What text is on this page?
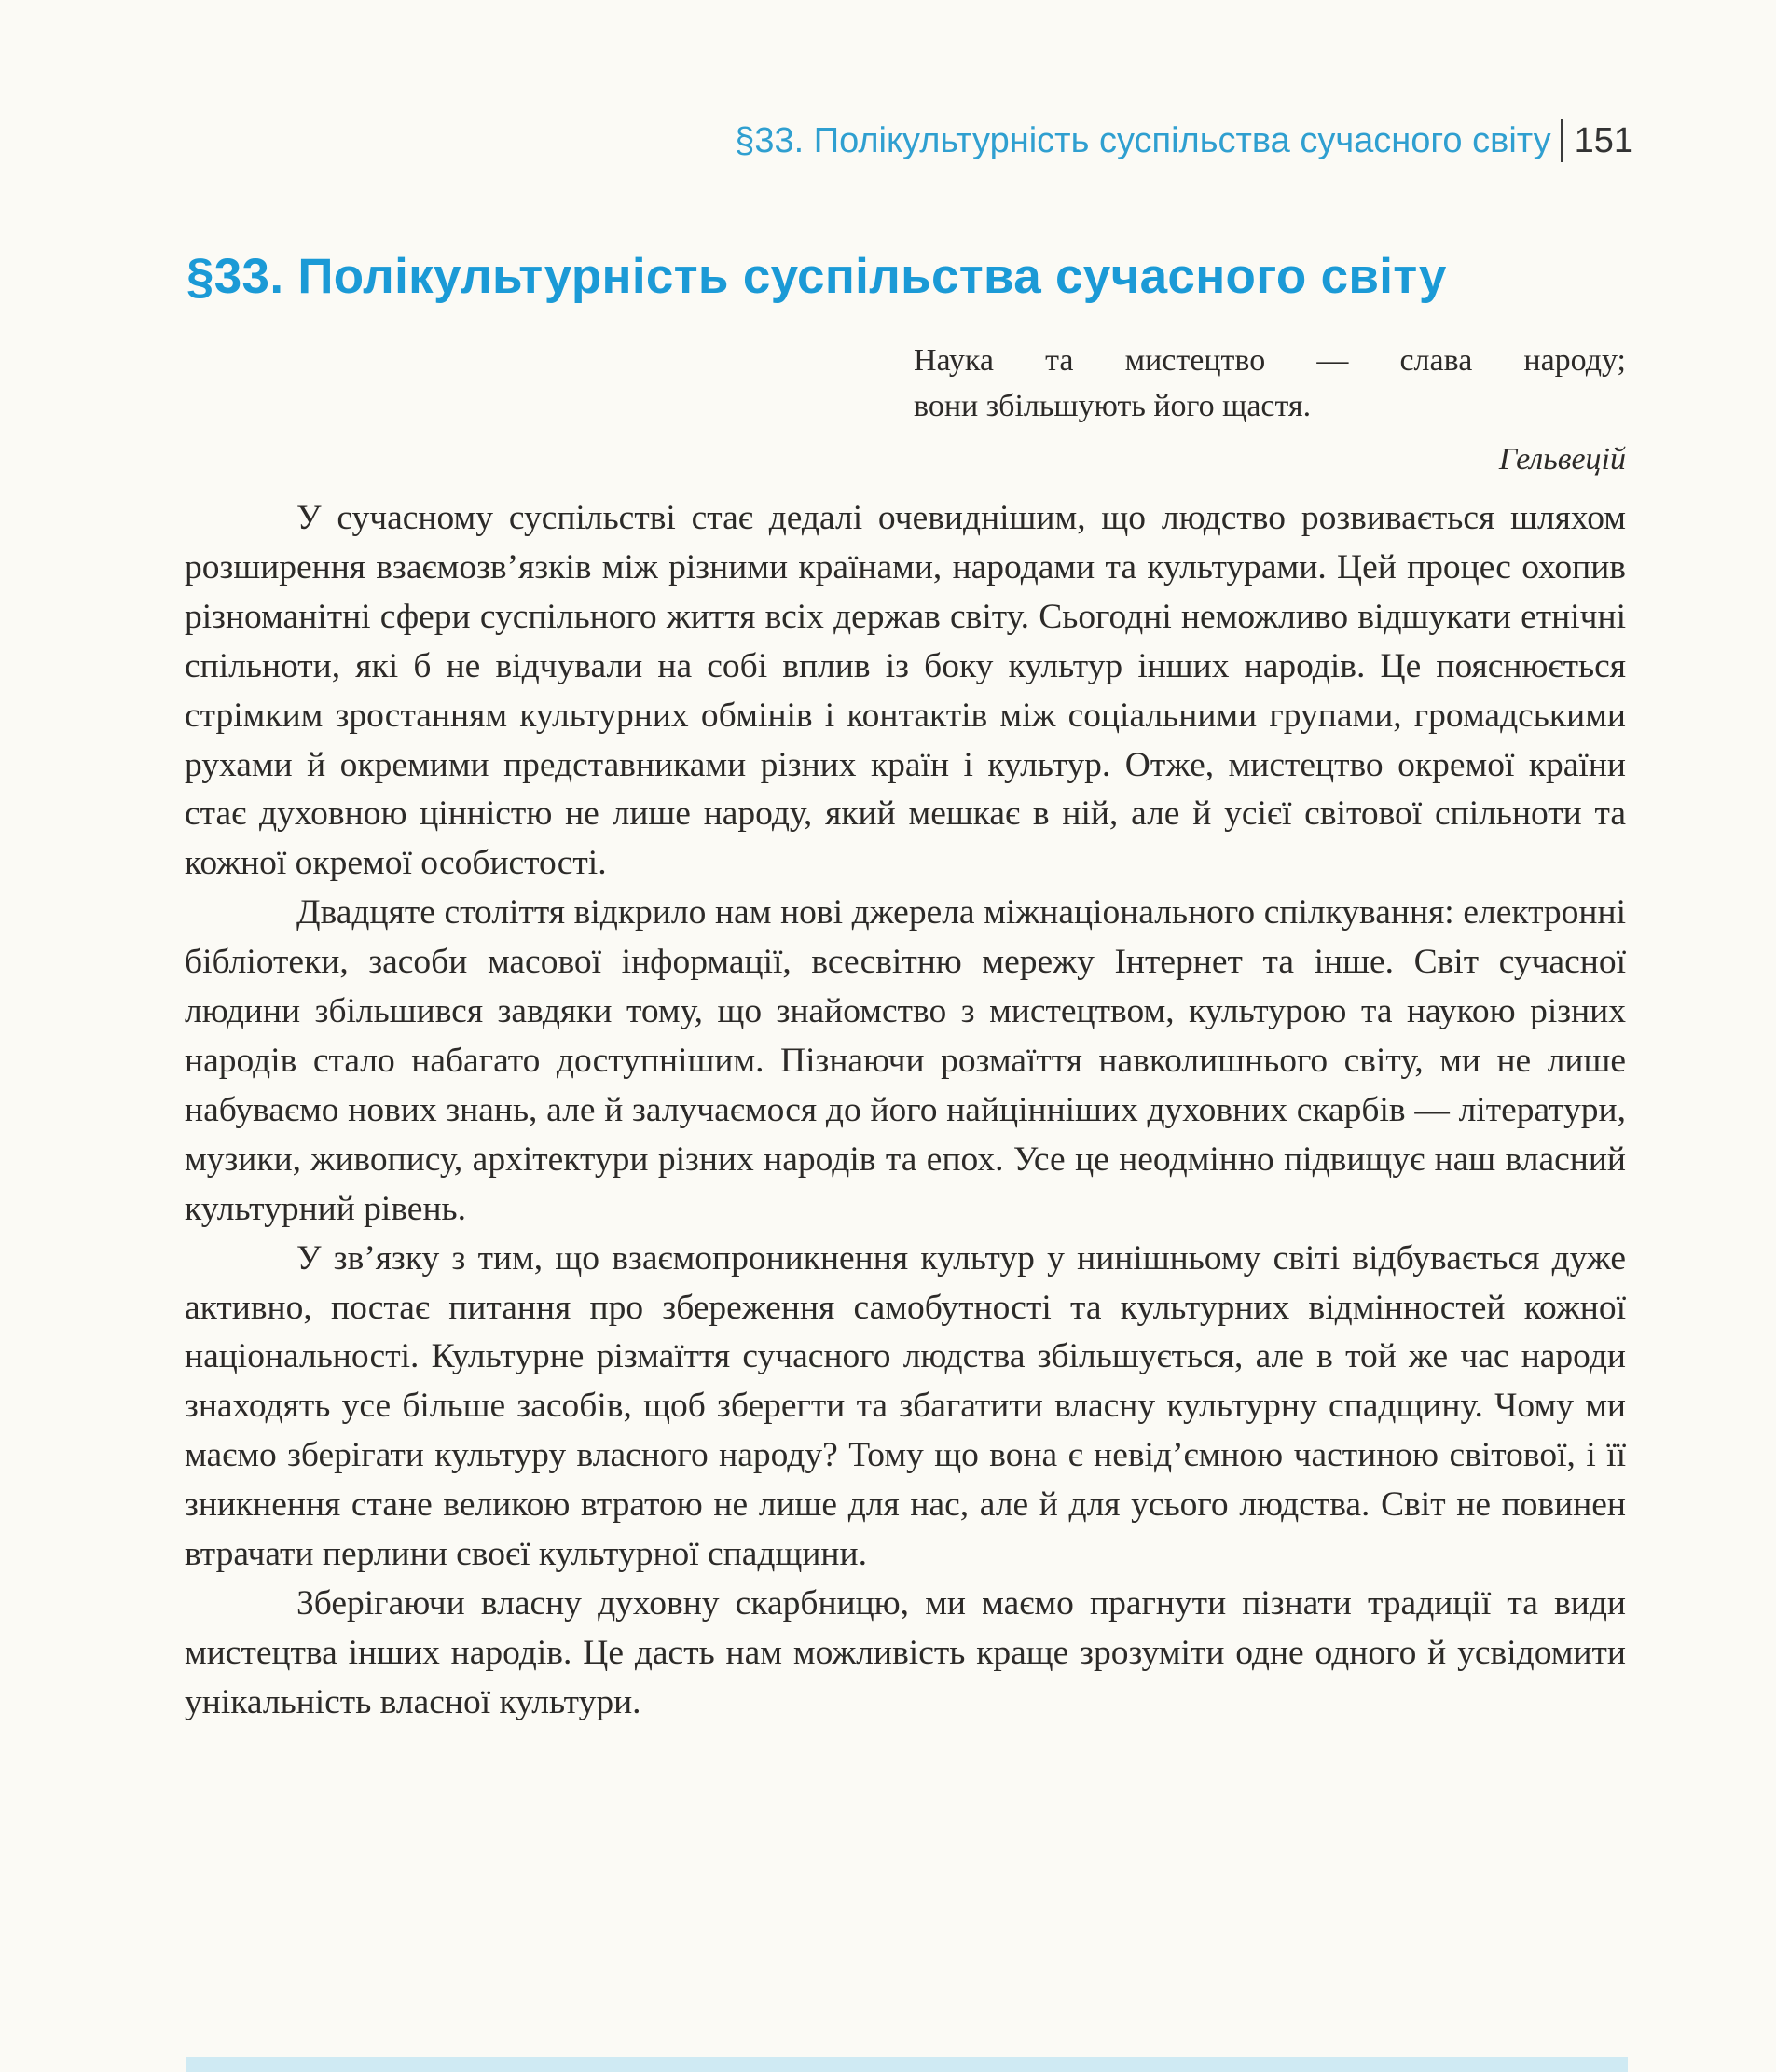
§33. Полікультурність суспільства сучасного світу 151
§33. Полікультурність суспільства сучасного світу

Наука та мистецтво — слава народу;

вони збільшують його щастя.

Гельвецій

У сучасному суспільстві стає дедалі очевиднішим, що людство розвивається шляхом розширення взаємозв’язків між різними країнами, народами та культурами. Цей процес охопив різноманітні сфери суспільного життя всіх держав світу. Сьогодні неможливо відшукати етнічні спільноти, які б не відчували на собі вплив із боку культур інших народів. Це пояснюється стрімким зростанням культурних обмінів і контактів між соціальними групами, громадськими рухами й окремими представниками різних країн і культур. Отже, мистецтво окремої країни стає духовною цінністю не лише народу, який мешкає в ній, але й усієї світової спільноти та кожної окремої особистості.

Двадцяте століття відкрило нам нові джерела міжнаціонального спілкування: електронні бібліотеки, засоби масової інформації, всесвітню мережу Інтернет та інше. Світ сучасної людини збільшився завдяки тому, що знайомство з мистецтвом, культурою та наукою різних народів стало набагато доступнішим. Пізнаючи розмаїття навколишнього світу, ми не лише набуваємо нових знань, але й залучаємося до його найцінніших духовних скарбів — літератури, музики, живопису, архітектури різних народів та епох. Усе це неодмінно підвищує наш власний культурний рівень.

У зв’язку з тим, що взаємопроникнення культур у нинішньому світі відбувається дуже активно, постає питання про збереження самобутності та культурних відмінностей кожної національності. Культурне різмаїття сучасного людства збільшується, але в той же час народи знаходять усе більше засобів, щоб зберегти та збагатити власну культурну спадщину. Чому ми маємо зберігати культуру власного народу? Тому що вона є невід’ємною частиною світової, і її зникнення стане великою втратою не лише для нас, але й для усього людства. Світ не повинен втрачати перлини своєї культурної спадщини.

Зберігаючи власну духовну скарбницю, ми маємо прагнути пізнати традиції та види мистецтва інших народів. Це дасть нам можливість краще зрозуміти одне одного й усвідомити унікальність власної культури.
